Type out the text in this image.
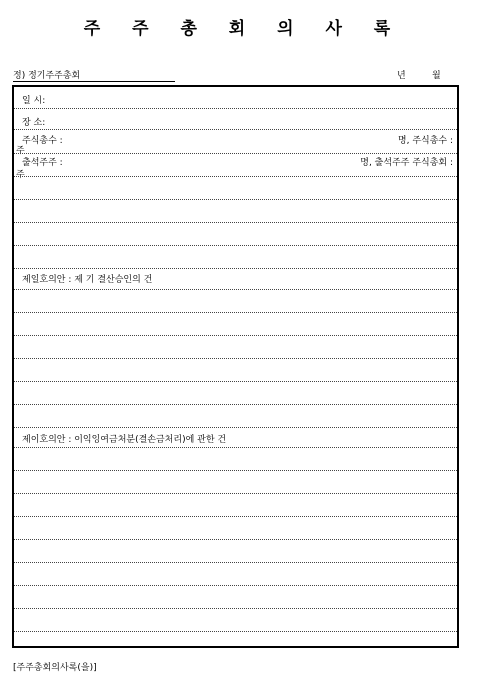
주 주 총 회 의 사 록
정) 정기주주총회	년	월
일 시:
장 소:
주식총수 :	명, 주식총수 :
주
출석주주 :	명, 출석주주 주식총회 :
주
제일호의안 : 제 기 결산승인의 건
제이호의안 : 이익잉여금처분(결손금처리)에 관한 건
[주주총회의사록(을)]
